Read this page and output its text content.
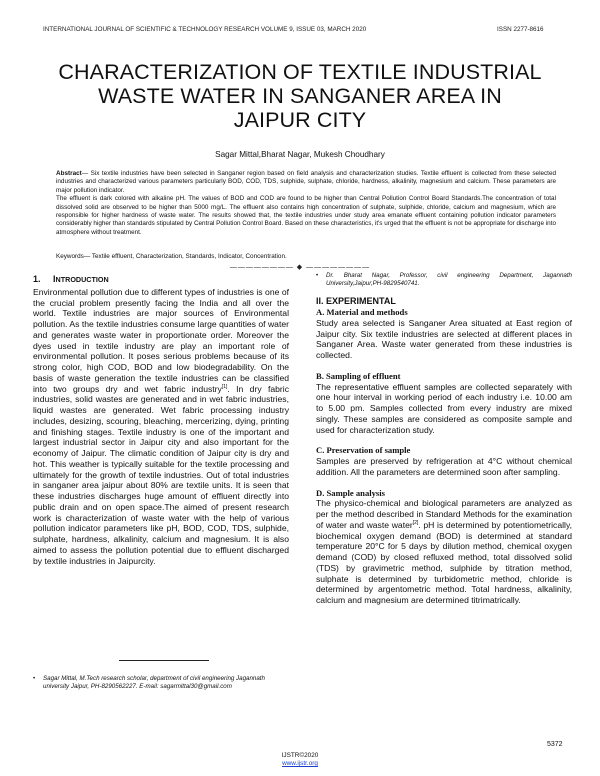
INTERNATIONAL JOURNAL OF SCIENTIFIC & TECHNOLOGY RESEARCH VOLUME 9, ISSUE 03, MARCH 2020	ISSN 2277-8616
CHARACTERIZATION OF TEXTILE INDUSTRIAL
WASTE WATER IN SANGANER AREA IN
JAIPUR CITY
Sagar Mittal,Bharat Nagar, Mukesh Choudhary
Abstract— Six textile industries have been selected in Sanganer region based on field analysis and characterization studies. Textile effluent is collected from these selected industries and characterized various parameters particularly BOD, COD, TDS, sulphide, sulphate, chloride, hardness, alkalinity, magnesium and calcium. These parameters are major pollution indicator.
The effluent is dark colored with alkaline pH. The values of BOD and COD are found to be higher than Central Pollution Control Board Standards.The concentration of total dissolved solid are observed to be higher than 5000 mg/L. The effluent also contains high concentration of sulphate, sulphide, chloride, calcium and magnesium, which are responsible for higher hardness of waste water. The results showed that, the textile industries under study area emanate effluent containing pollution indicator parameters considerably higher than standards stipulated by Central Pollution Control Board. Based on these characteristics, it's urged that the effluent is not be appropriate for discharge into atmosphere without treatment.
Keywords— Textile effluent, Characterization, Standards, Indicator, Concentration.
———————— ◆ ————————

1. INTRODUCTION

Environmental pollution due to different types of industries is one of the crucial problem presently facing the India and all over the world. Textile industries are major sources of Environmental pollution. As the textile industries consume large quantities of water and generates waste water in proportionate order. Moreover the dyes used in textile industry are play an important role of environmental pollution. It poses serious problems because of its strong color, high COD, BOD and low biodegradability. On the basis of waste generation the textile industries can be classified into two groups dry and wet fabric industry[1]. In dry fabric industries, solid wastes are generated and in wet fabric industries, liquid wastes are generated. Wet fabric processing industry includes, desizing, scouring, bleaching, mercerizing, dying, printing and finishing stages. Textile industry is one of the important and largest industrial sector in Jaipur city and also important for the economy of Jaipur. The climatic condition of Jaipur city is dry and hot. This weather is typically suitable for the textile processing and ultimately for the growth of textile industries. Out of total industries in sanganer area jaipur about 80% are textile units. It is seen that these industries discharges huge amount of effluent directly into public drain and on open space.The aimed of present research work is characterization of waste water with the help of various pollution indicator parameters like pH, BOD, COD, TDS, sulphide, sulphate, hardness, alkalinity, calcium and magnesium. It is also aimed to assess the pollution potential due to effluent discharged by textile industries in Jaipurcity.

•	Sagar Mittal, M.Tech research scholar, department of civil engineering Jagannath university Jaipur, PH-8290562227. E-mail: sagarmittal30@gmail.com
•	Dr. Bharat Nagar, Professor, civil engineering Department, Jagannath University,Jaipur,PH-9829540741.

II. EXPERIMENTAL

A. Material and methods

Study area selected is Sanganer Area situated at East region of Jaipur city. Six textile industries are selected at different places in Sanganer Area. Waste water generated from these industries is collected.

B. Sampling of effluent

The representative effluent samples are collected separately with one hour interval in working period of each industry i.e. 10.00 am to 5.00 pm. Samples collected from every industry are mixed singly. These samples are considered as composite sample and used for characterization study.

C. Preservation of sample

Samples are preserved by refrigeration at 4°C without chemical addition. All the parameters are determined soon after sampling.

D. Sample analysis

The physico-chemical and biological parameters are analyzed as per the method described in Standard Methods for the examination of water and waste water[2]. pH is determined by potentiometrically, biochemical oxygen demand (BOD) is determined at standard temperature 20°C for 5 days by dilution method, chemical oxygen demand (COD) by closed refluxed method, total dissolved solid (TDS) by gravimetric method, sulphide by titration method, sulphate is determined by turbidometric method, chloride is determined by argentometric method. Total hardness, alkalinity, calcium and magnesium are determined titrimatrically.

5372
IJSTR©2020
www.ijstr.org
